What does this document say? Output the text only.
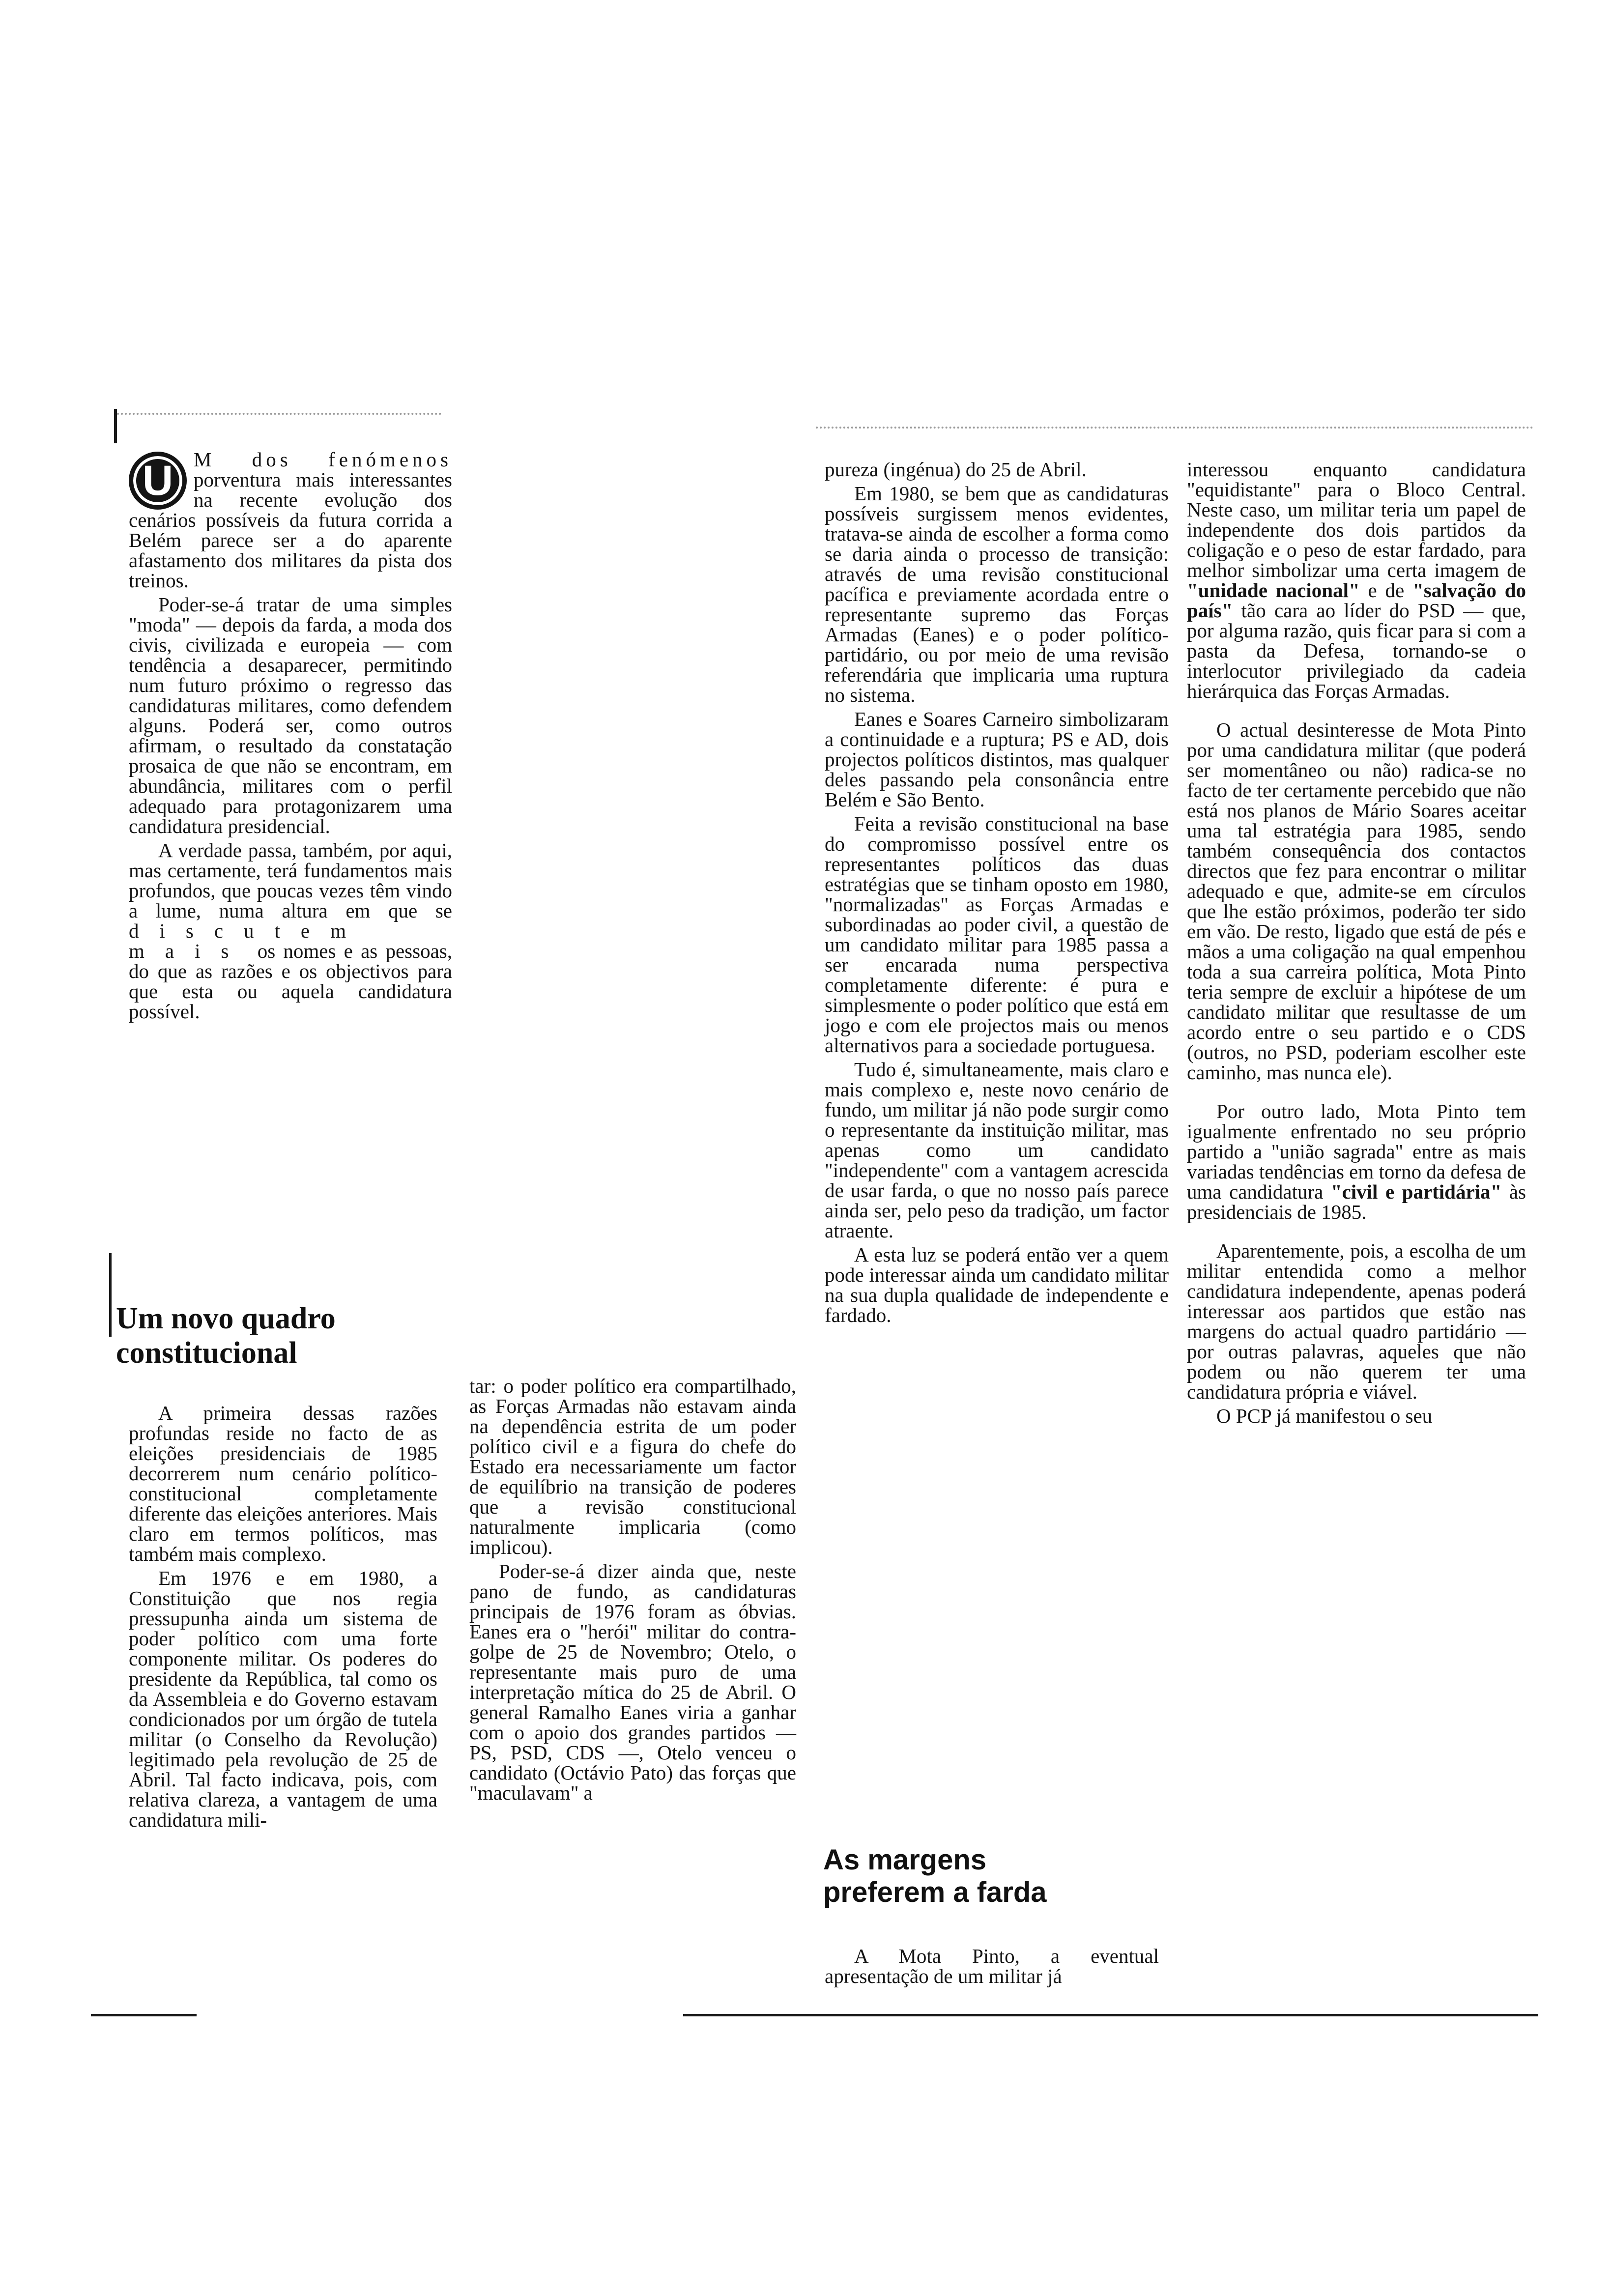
U	M dos fenómenos porventura mais interessantes na recente evolução dos cenários possíveis da futura corrida a Belém parece ser a do aparente afastamento dos militares da pista dos treinos.

Poder-se-á tratar de uma simples "moda" — depois da farda, a moda dos civis, civilizada e europeia — com tendência a desaparecer, permitindo num futuro próximo o regresso das candidaturas militares, como defendem alguns. Poderá ser, como outros afirmam, o resultado da constatação prosaica de que não se encontram, em abundância, militares com o perfil adequado para protagonizarem uma candidatura presidencial.

A verdade passa, também, por aqui, mas certamente, terá fundamentos mais profundos, que poucas vezes têm vindo a lume, numa altura em que se discutem mais os nomes e as pessoas, do que as razões e os objectivos para que esta ou aquela candidatura possível.

Um novo quadro constitucional

A primeira dessas razões profundas reside no facto de as eleições presidenciais de 1985 decorrerem num cenário político-constitucional completamente diferente das eleições anteriores. Mais claro em termos políticos, mas também mais complexo.

Em 1976 e em 1980, a Constituição que nos regia pressupunha ainda um sistema de poder político com uma forte componente militar. Os poderes do presidente da República, tal como os da Assembleia e do Governo estavam condicionados por um órgão de tutela militar (o Conselho da Revolução) legitimado pela revolução de 25 de Abril. Tal facto indicava, pois, com relativa clareza, a vantagem de uma candidatura mili-

tar: o poder político era compartilhado, as Forças Armadas não estavam ainda na dependência estrita de um poder político civil e a figura do chefe do Estado era necessariamente um factor de equilíbrio na transição de poderes que a revisão constitucional naturalmente implicaria (como implicou).

Poder-se-á dizer ainda que, neste pano de fundo, as candidaturas principais de 1976 foram as óbvias. Eanes era o "herói" militar do contra-golpe de 25 de Novembro; Otelo, o representante mais puro de uma interpretação mítica do 25 de Abril. O general Ramalho Eanes viria a ganhar com o apoio dos grandes partidos — PS, PSD, CDS —, Otelo venceu o candidato (Octávio Pato) das forças que "maculavam" a

pureza (ingénua) do 25 de Abril.

Em 1980, se bem que as candidaturas possíveis surgissem menos evidentes, tratava-se ainda de escolher a forma como se daria ainda o processo de transição: através de uma revisão constitucional pacífica e previamente acordada entre o representante supremo das Forças Armadas (Eanes) e o poder político-partidário, ou por meio de uma revisão referendária que implicaria uma ruptura no sistema.

Eanes e Soares Carneiro simbolizaram a continuidade e a ruptura; PS e AD, dois projectos políticos distintos, mas qualquer deles passando pela consonância entre Belém e São Bento.

Feita a revisão constitucional na base do compromisso possível entre os representantes políticos das duas estratégias que se tinham oposto em 1980, "normalizadas" as Forças Armadas e subordinadas ao poder civil, a questão de um candidato militar para 1985 passa a ser encarada numa perspectiva completamente diferente: é pura e simplesmente o poder político que está em jogo e com ele projectos mais ou menos alternativos para a sociedade portuguesa.

Tudo é, simultaneamente, mais claro e mais complexo e, neste novo cenário de fundo, um militar já não pode surgir como o representante da instituição militar, mas apenas como um candidato "independente" com a vantagem acrescida de usar farda, o que no nosso país parece ainda ser, pelo peso da tradição, um factor atraente.

A esta luz se poderá então ver a quem pode interessar ainda um candidato militar na sua dupla qualidade de independente e fardado.

As margens preferem a farda

A Mota Pinto, a eventual apresentação de um militar já

interessou enquanto candidatura "equidistante" para o Bloco Central. Neste caso, um militar teria um papel de independente dos dois partidos da coligação e o peso de estar fardado, para melhor simbolizar uma certa imagem de "unidade nacional" e de "salvação do país" tão cara ao líder do PSD — que, por alguma razão, quis ficar para si com a pasta da Defesa, tornando-se o interlocutor privilegiado da cadeia hierárquica das Forças Armadas.

O actual desinteresse de Mota Pinto por uma candidatura militar (que poderá ser momentâneo ou não) radica-se no facto de ter certamente percebido que não está nos planos de Mário Soares aceitar uma tal estratégia para 1985, sendo também consequência dos contactos directos que fez para encontrar o militar adequado e que, admite-se em círculos que lhe estão próximos, poderão ter sido em vão. De resto, ligado que está de pés e mãos a uma coligação na qual empenhou toda a sua carreira política, Mota Pinto teria sempre de excluir a hipótese de um candidato militar que resultasse de um acordo entre o seu partido e o CDS (outros, no PSD, poderiam escolher este caminho, mas nunca ele).

Por outro lado, Mota Pinto tem igualmente enfrentado no seu próprio partido a "união sagrada" entre as mais variadas tendências em torno da defesa de uma candidatura "civil e partidária" às presidenciais de 1985.

Aparentemente, pois, a escolha de um militar entendida como a melhor candidatura independente, apenas poderá interessar aos partidos que estão nas margens do actual quadro partidário — por outras palavras, aqueles que não podem ou não querem ter uma candidatura própria e viável.

O PCP já manifestou o seu
